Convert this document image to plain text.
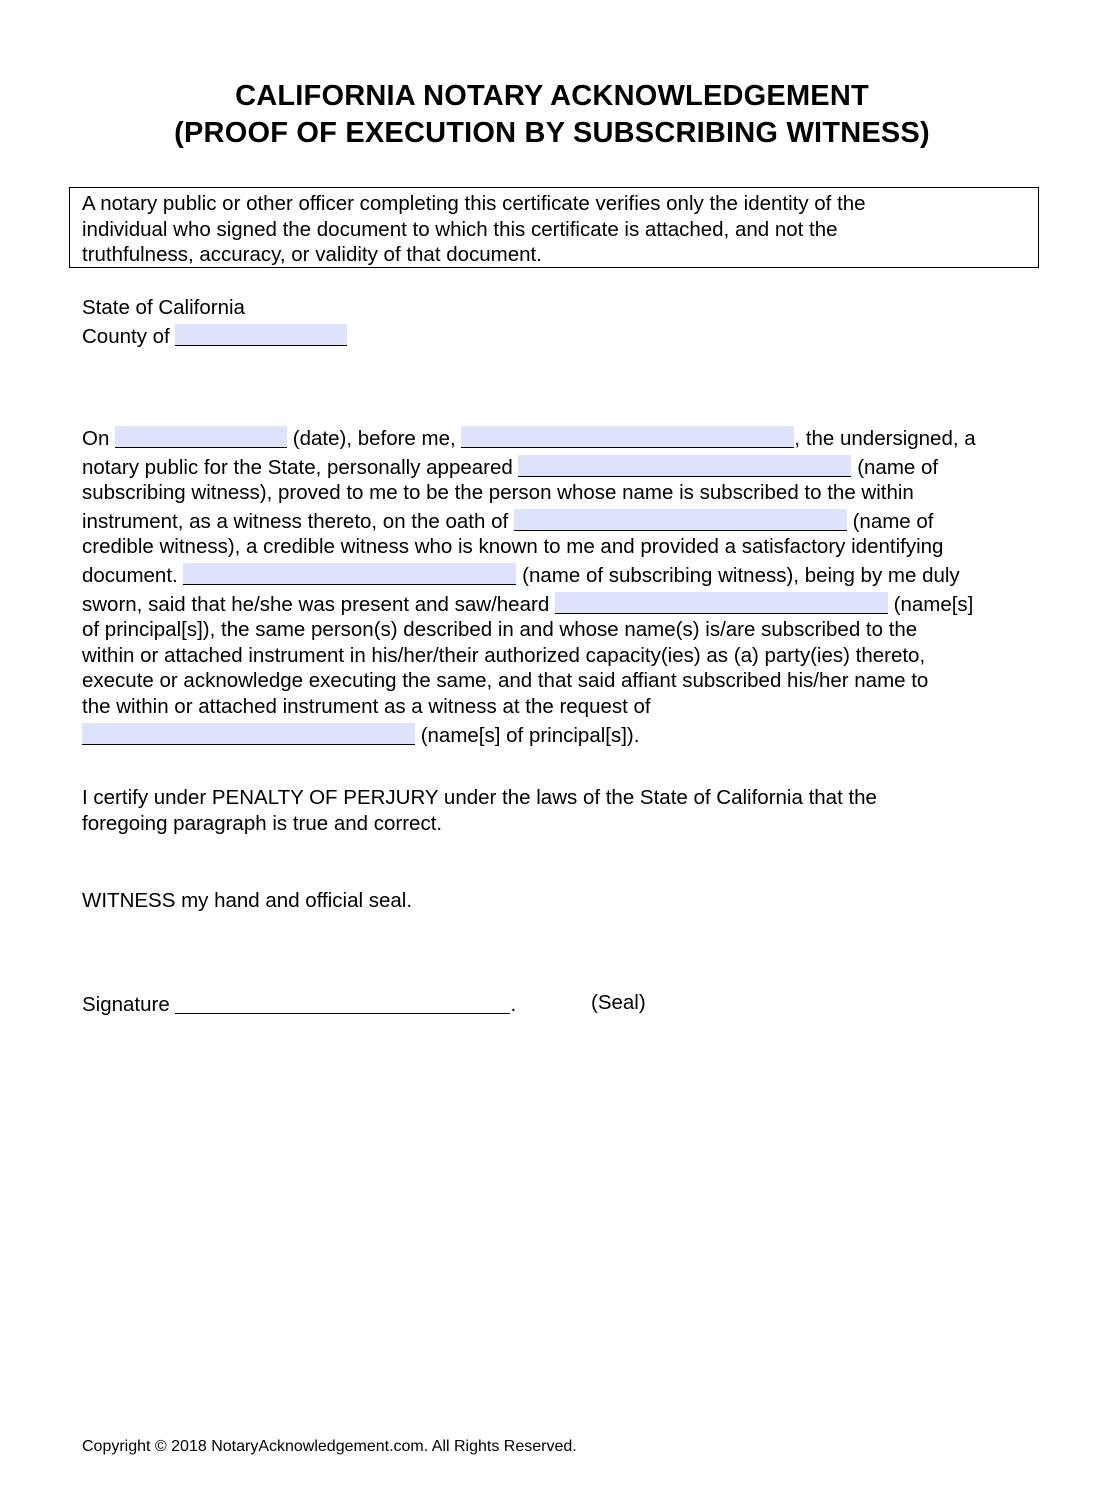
CALIFORNIA NOTARY ACKNOWLEDGEMENT
(PROOF OF EXECUTION BY SUBSCRIBING WITNESS)
A notary public or other officer completing this certificate verifies only the identity of the
individual who signed the document to which this certificate is attached, and not the
truthfulness, accuracy, or validity of that document.
State of California
County of
On	(date), before me,	, the undersigned, a
notary public for the State, personally appeared	(name of
subscribing witness), proved to me to be the person whose name is subscribed to the within
instrument, as a witness thereto, on the oath of	(name of
credible witness), a credible witness who is known to me and provided a satisfactory identifying
document.	(name of subscribing witness), being by me duly
sworn, said that he/she was present and saw/heard	(name[s]
of principal[s]), the same person(s) described in and whose name(s) is/are subscribed to the
within or attached instrument in his/her/their authorized capacity(ies) as (a) party(ies) thereto,
execute or acknowledge executing the same, and that said affiant subscribed his/her name to
the within or attached instrument as a witness at the request of
(name[s] of principal[s]).
I certify under PENALTY OF PERJURY under the laws of the State of California that the
foregoing paragraph is true and correct.
WITNESS my hand and official seal.
Signature	.	(Seal)
Copyright © 2018 NotaryAcknowledgement.com. All Rights Reserved.
